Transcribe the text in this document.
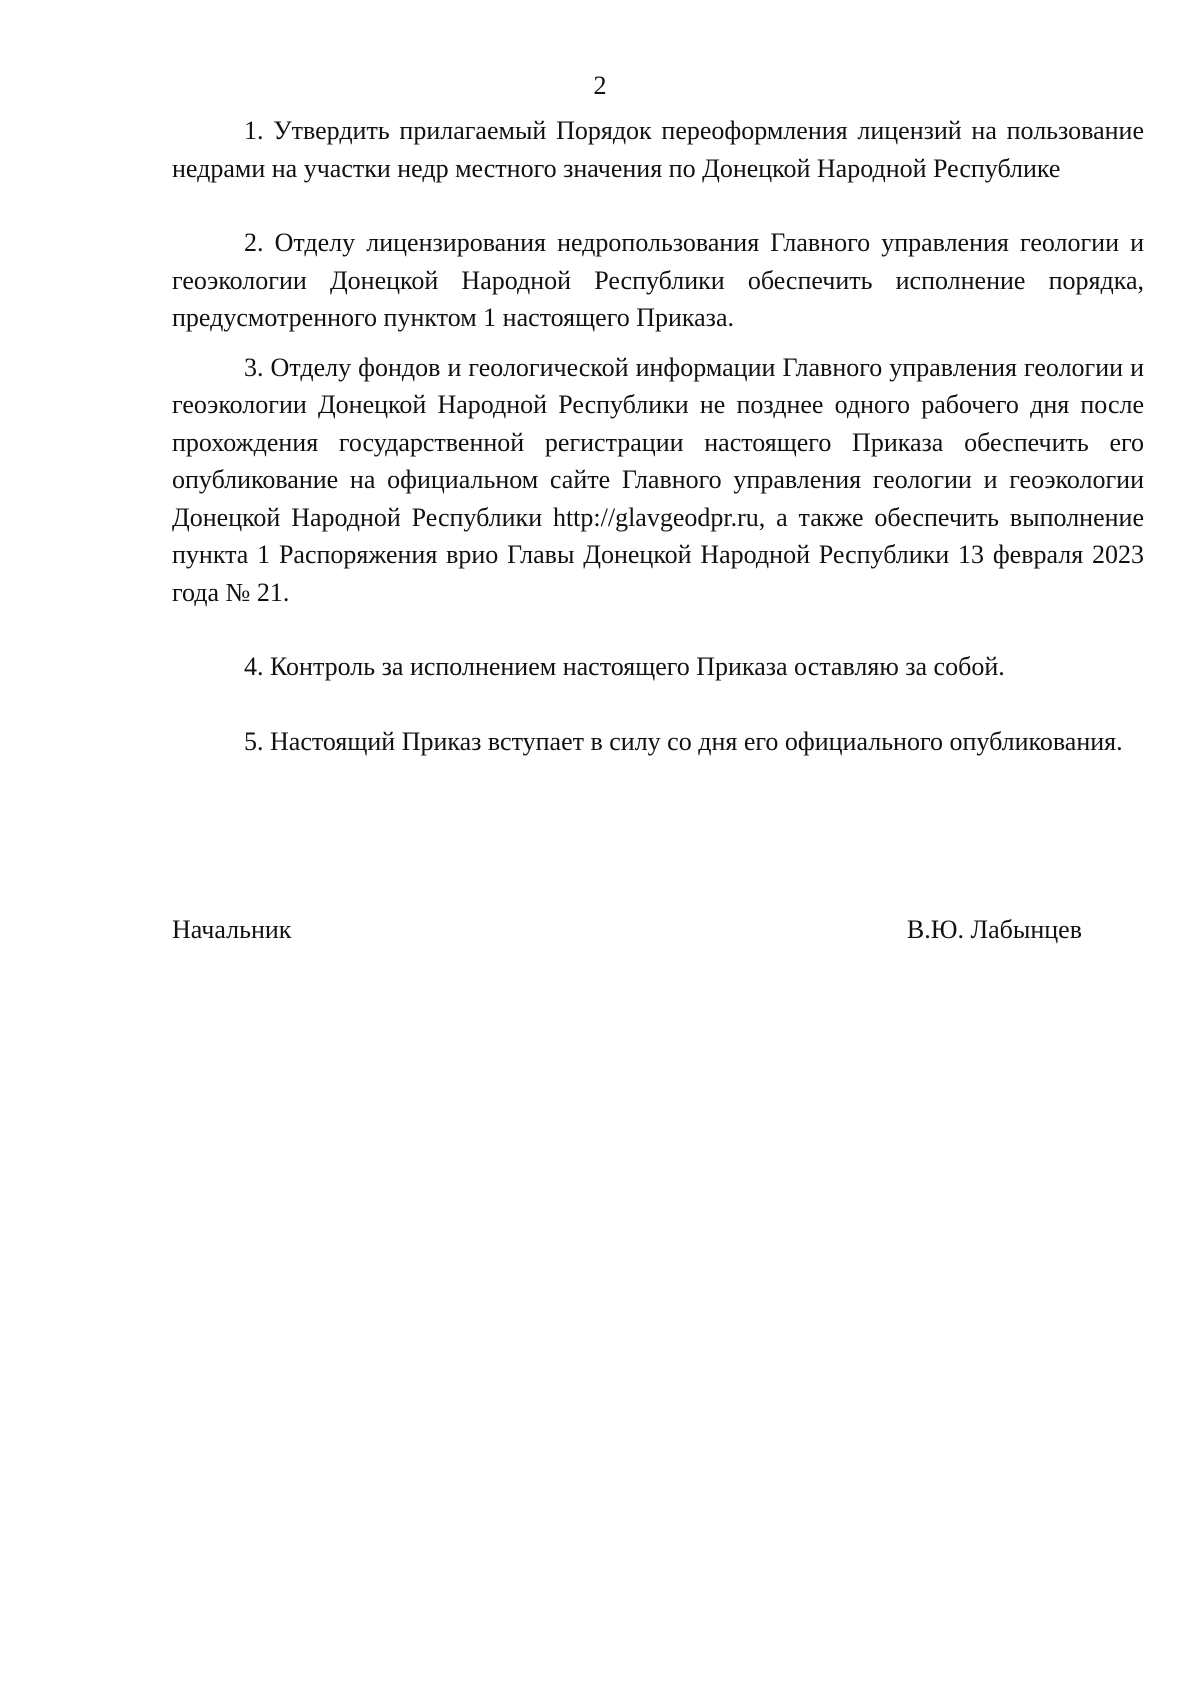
2

1. Утвердить прилагаемый Порядок переоформления лицензий на пользование недрами на участки недр местного значения по Донецкой Народной Республике

2. Отделу лицензирования недропользования Главного управления геологии и геоэкологии Донецкой Народной Республики обеспечить исполнение порядка, предусмотренного пунктом 1 настоящего Приказа.

3. Отделу фондов и геологической информации Главного управления геологии и геоэкологии Донецкой Народной Республики не позднее одного рабочего дня после прохождения государственной регистрации настоящего Приказа обеспечить его опубликование на официальном сайте Главного управления геологии и геоэкологии Донецкой Народной Республики http://glavgeodpr.ru, а также обеспечить выполнение пункта 1 Распоряжения врио Главы Донецкой Народной Республики 13 февраля 2023 года № 21.

4. Контроль за исполнением настоящего Приказа оставляю за собой.

5. Настоящий Приказ вступает в силу со дня его официального опубликования.

Начальник	В.Ю. Лабынцев
